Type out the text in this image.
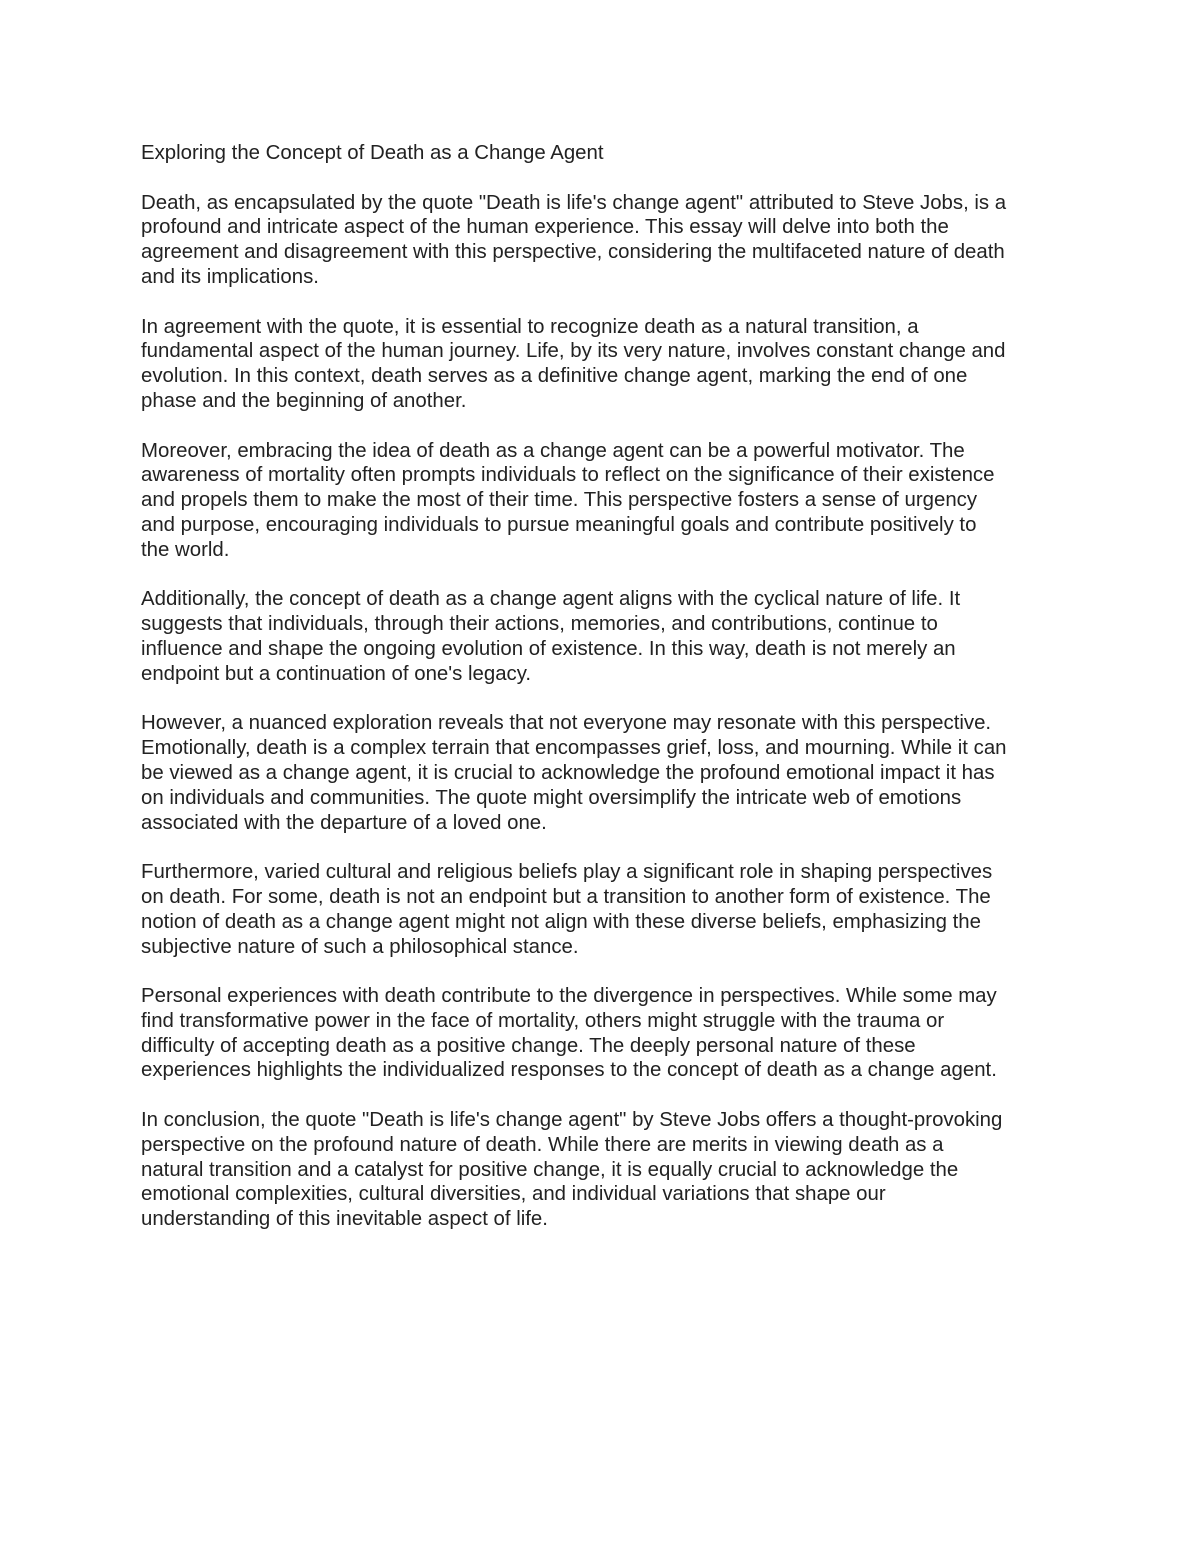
Exploring the Concept of Death as a Change Agent
Death, as encapsulated by the quote "Death is life's change agent" attributed to Steve Jobs, is a
profound and intricate aspect of the human experience. This essay will delve into both the
agreement and disagreement with this perspective, considering the multifaceted nature of death
and its implications.
In agreement with the quote, it is essential to recognize death as a natural transition, a
fundamental aspect of the human journey. Life, by its very nature, involves constant change and
evolution. In this context, death serves as a definitive change agent, marking the end of one
phase and the beginning of another.
Moreover, embracing the idea of death as a change agent can be a powerful motivator. The
awareness of mortality often prompts individuals to reflect on the significance of their existence
and propels them to make the most of their time. This perspective fosters a sense of urgency
and purpose, encouraging individuals to pursue meaningful goals and contribute positively to
the world.
Additionally, the concept of death as a change agent aligns with the cyclical nature of life. It
suggests that individuals, through their actions, memories, and contributions, continue to
influence and shape the ongoing evolution of existence. In this way, death is not merely an
endpoint but a continuation of one's legacy.
However, a nuanced exploration reveals that not everyone may resonate with this perspective.
Emotionally, death is a complex terrain that encompasses grief, loss, and mourning. While it can
be viewed as a change agent, it is crucial to acknowledge the profound emotional impact it has
on individuals and communities. The quote might oversimplify the intricate web of emotions
associated with the departure of a loved one.
Furthermore, varied cultural and religious beliefs play a significant role in shaping perspectives
on death. For some, death is not an endpoint but a transition to another form of existence. The
notion of death as a change agent might not align with these diverse beliefs, emphasizing the
subjective nature of such a philosophical stance.
Personal experiences with death contribute to the divergence in perspectives. While some may
find transformative power in the face of mortality, others might struggle with the trauma or
difficulty of accepting death as a positive change. The deeply personal nature of these
experiences highlights the individualized responses to the concept of death as a change agent.
In conclusion, the quote "Death is life's change agent" by Steve Jobs offers a thought-provoking
perspective on the profound nature of death. While there are merits in viewing death as a
natural transition and a catalyst for positive change, it is equally crucial to acknowledge the
emotional complexities, cultural diversities, and individual variations that shape our
understanding of this inevitable aspect of life.
